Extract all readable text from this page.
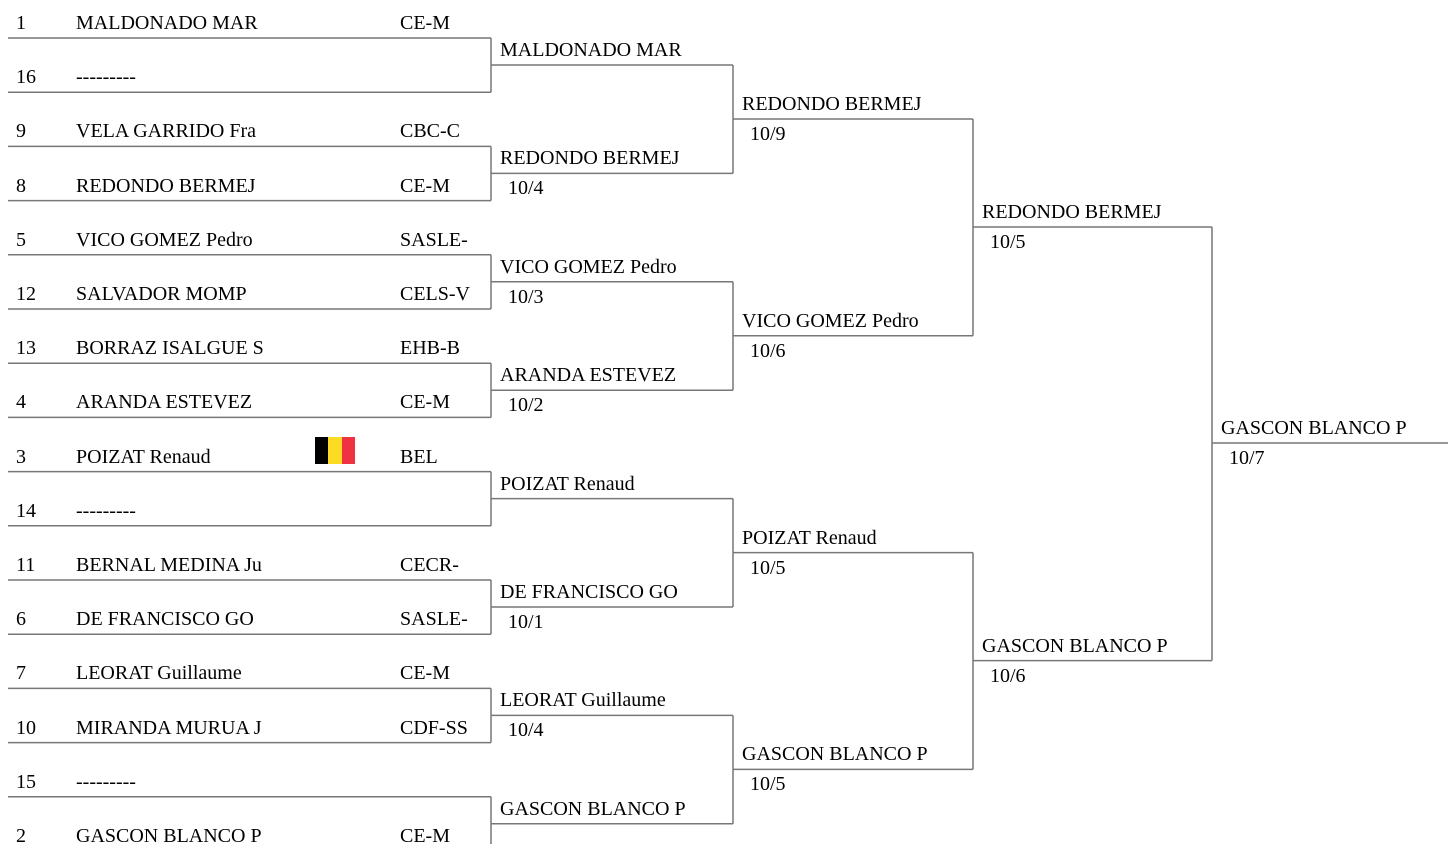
1	MALDONADO MAR	CE-M
16 ---------
9	VELA GARRIDO Fra	CBC-C
8	REDONDO BERMEJ	CE-M
5	VICO GOMEZ Pedro	SASLE-
12 SALVADOR MOMP	CELS-V
13 BORRAZ ISALGUE S	EHB-B
4	ARANDA ESTEVEZ	CE-M
3	POIZAT Renaud	BEL
14 ---------
11 BERNAL MEDINA Ju	CECR-
6	DE FRANCISCO GO	SASLE-
7	LEORAT Guillaume	CE-M
10 MIRANDA MURUA J	CDF-SS
15 ---------
2	GASCON BLANCO P	CE-M
MALDONADO MAR
REDONDO BERMEJ
10/4
VICO GOMEZ Pedro
10/3
ARANDA ESTEVEZ
10/2
POIZAT Renaud
DE FRANCISCO GO
10/1
LEORAT Guillaume
10/4
GASCON BLANCO P
REDONDO BERMEJ
10/9
VICO GOMEZ Pedro
10/6
POIZAT Renaud
10/5
GASCON BLANCO P
10/5
REDONDO BERMEJ
10/5
GASCON BLANCO P
10/6
GASCON BLANCO P
10/7
